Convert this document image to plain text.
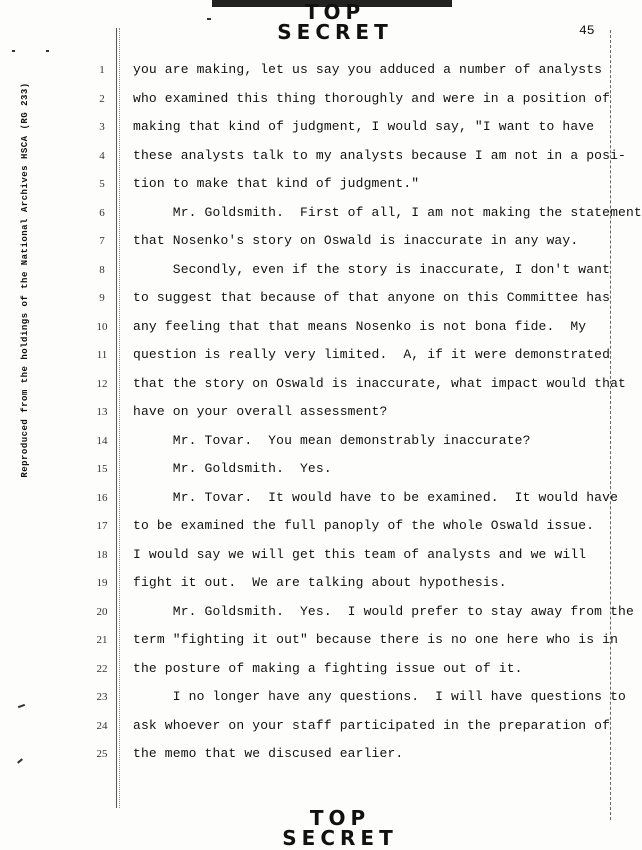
TOP SECRET	45
Reproduced from the holdings of the National Archives HSCA (RG 233)
1
2
3
4
5
6
7
8
9
10
11
12
13
14
15
16
17
18
19
20
21
22
23
24
25
you are making, let us say you adduced a number of analysts
who examined this thing thoroughly and were in a position of
making that kind of judgment, I would say, "I want to have
these analysts talk to my analysts because I am not in a posi-
tion to make that kind of judgment."
Mr. Goldsmith.  First of all, I am not making the statement
that Nosenko's story on Oswald is inaccurate in any way.
Secondly, even if the story is inaccurate, I don't want
to suggest that because of that anyone on this Committee has
any feeling that that means Nosenko is not bona fide.  My
question is really very limited.  A, if it were demonstrated
that the story on Oswald is inaccurate, what impact would that
have on your overall assessment?
Mr. Tovar.  You mean demonstrably inaccurate?
Mr. Goldsmith.  Yes.
Mr. Tovar.  It would have to be examined.  It would have
to be examined the full panoply of the whole Oswald issue.
I would say we will get this team of analysts and we will
fight it out.  We are talking about hypothesis.
Mr. Goldsmith.  Yes.  I would prefer to stay away from the
term "fighting it out" because there is no one here who is in
the posture of making a fighting issue out of it.
I no longer have any questions.  I will have questions to
ask whoever on your staff participated in the preparation of
the memo that we discused earlier.
TOP SECRET
